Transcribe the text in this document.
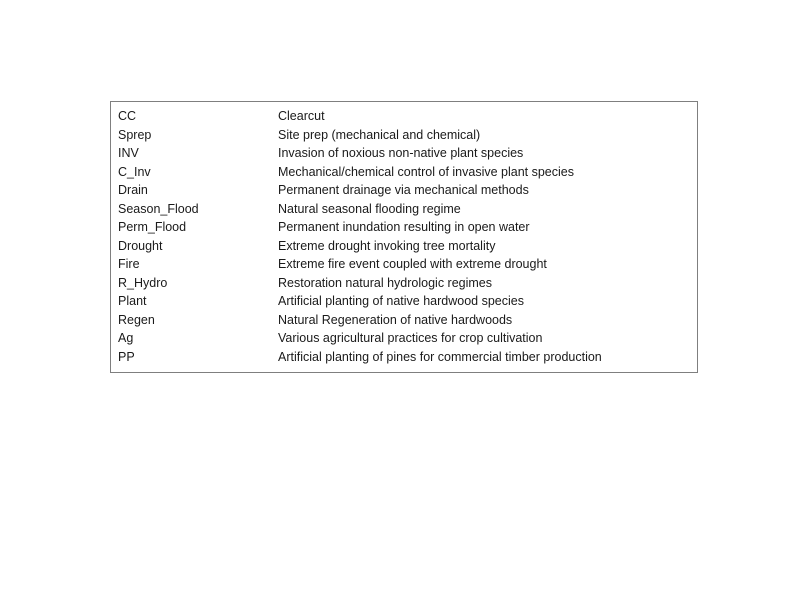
CC	Clearcut
Sprep	Site prep (mechanical and chemical)
INV	Invasion of noxious non-native plant species
C_Inv	Mechanical/chemical control of invasive plant species
Drain	Permanent drainage via mechanical methods
Season_Flood	Natural seasonal flooding regime
Perm_Flood	Permanent inundation resulting in open water
Drought	Extreme drought invoking tree mortality
Fire	Extreme fire event coupled with extreme drought
R_Hydro	Restoration natural hydrologic regimes
Plant	Artificial planting of native hardwood species
Regen	Natural Regeneration of native hardwoods
Ag	Various agricultural practices for crop cultivation
PP	Artificial planting of pines for commercial timber production
